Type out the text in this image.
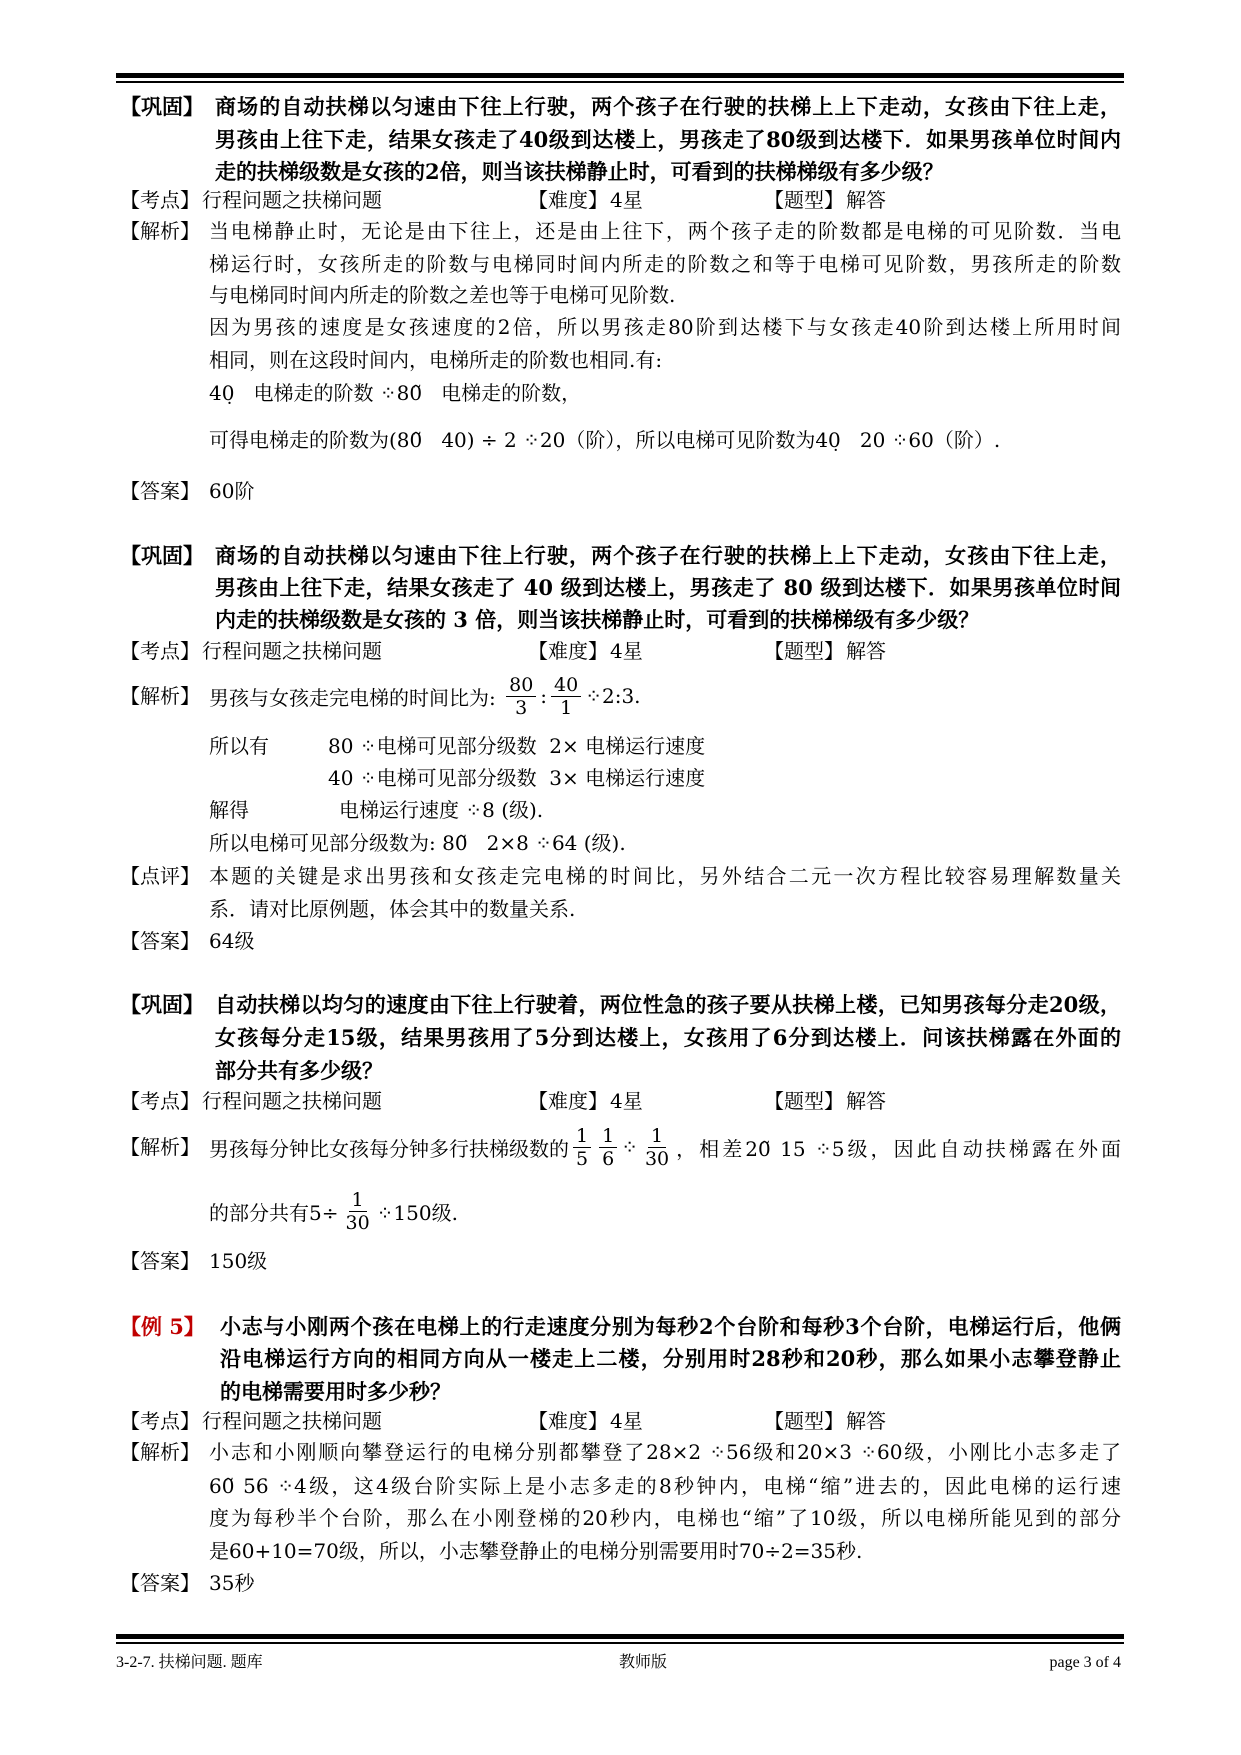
【巩固】 商场的自动扶梯以匀速由下往上行驶，两个孩子在行驶的扶梯上上下走动，女孩由下往上走，
男孩由上往下走，结果女孩走了40级到达楼上，男孩走了80级到达楼下．如果男孩单位时间内
走的扶梯级数是女孩的2倍，则当该扶梯静止时，可看到的扶梯梯级有多少级？
【考点】 行程问题之扶梯问题	【难度】 4星	【题型】 解答
【解析】 当电梯静止时，无论是由下往上，还是由上往下，两个孩子走的阶数都是电梯的可见阶数．当电
梯运行时，女孩所走的阶数与电梯同时间内所走的阶数之和等于电梯可见阶数，男孩所走的阶数
与电梯同时间内所走的阶数之差也等于电梯可见阶数.
因为男孩的速度是女孩速度的2倍，所以男孩走80阶到达楼下与女孩走40阶到达楼上所用时间
相同，则在这段时间内，电梯所走的阶数也相同.有:
40̣   电梯走的阶数 ⁘80̃   电梯走的阶数，
可得电梯走的阶数为(80̃   40) ÷ 2 ⁘20（阶），所以电梯可见阶数为40̣   20 ⁘60（阶）.
【答案】 60阶
【巩固】 商场的自动扶梯以匀速由下往上行驶，两个孩子在行驶的扶梯上上下走动，女孩由下往上走，
男孩由上往下走，结果女孩走了 40 级到达楼上，男孩走了 80 级到达楼下．如果男孩单位时间
内走的扶梯级数是女孩的 3 倍，则当该扶梯静止时，可看到的扶梯梯级有多少级？
【考点】 行程问题之扶梯问题	【难度】 4星	【题型】 解答
【解析】 男孩与女孩走完电梯的时间比为: $\frac{80}{3}$ : $\frac{40}{1}$ ⁘2:3.
所以有	80 ⁘电梯可见部分级数  2× 电梯运行速度
40 ⁘电梯可见部分级数  3× 电梯运行速度
解得	电梯运行速度 ⁘8 (级).
所以电梯可见部分级数为: 80̃   2×8 ⁘64 (级).
【点评】 本题的关键是求出男孩和女孩走完电梯的时间比，另外结合二元一次方程比较容易理解数量关
系．请对比原例题，体会其中的数量关系.
【答案】 64级
【巩固】 自动扶梯以均匀的速度由下往上行驶着，两位性急的孩子要从扶梯上楼，已知男孩每分走20级，
女孩每分走15级，结果男孩用了5分到达楼上，女孩用了6分到达楼上．问该扶梯露在外面的
部分共有多少级？
【考点】 行程问题之扶梯问题	【难度】 4星	【题型】 解答
【解析】 男孩每分钟比女孩每分钟多行扶梯级数的 $\frac{1}{5} \frac{1}{6}$ ⁘ $\frac{1}{30}$ ，相差20̃ 15 ⁘5级，因此自动扶梯露在外面
的部分共有$5\div \frac{1}{30}$ ⁘150级.
【答案】 150级
【例 5】 小志与小刚两个孩在电梯上的行走速度分别为每秒2个台阶和每秒3个台阶，电梯运行后，他俩
沿电梯运行方向的相同方向从一楼走上二楼，分别用时28秒和20秒，那么如果小志攀登静止
的电梯需要用时多少秒？
【考点】 行程问题之扶梯问题	【难度】 4星	【题型】 解答
【解析】 小志和小刚顺向攀登运行的电梯分别都攀登了28×2 ⁘56级和20×3 ⁘60级，小刚比小志多走了
60̃ 56 ⁘4级，这4级台阶实际上是小志多走的8秒钟内，电梯“缩”进去的，因此电梯的运行速
度为每秒半个台阶，那么在小刚登梯的20秒内，电梯也“缩”了10级，所以电梯所能见到的部分
是60+10=70级，所以，小志攀登静止的电梯分别需要用时70÷2=35秒.
【答案】 35秒
3-2-7. 扶梯问题. 题库	教师版	page 3 of 4
